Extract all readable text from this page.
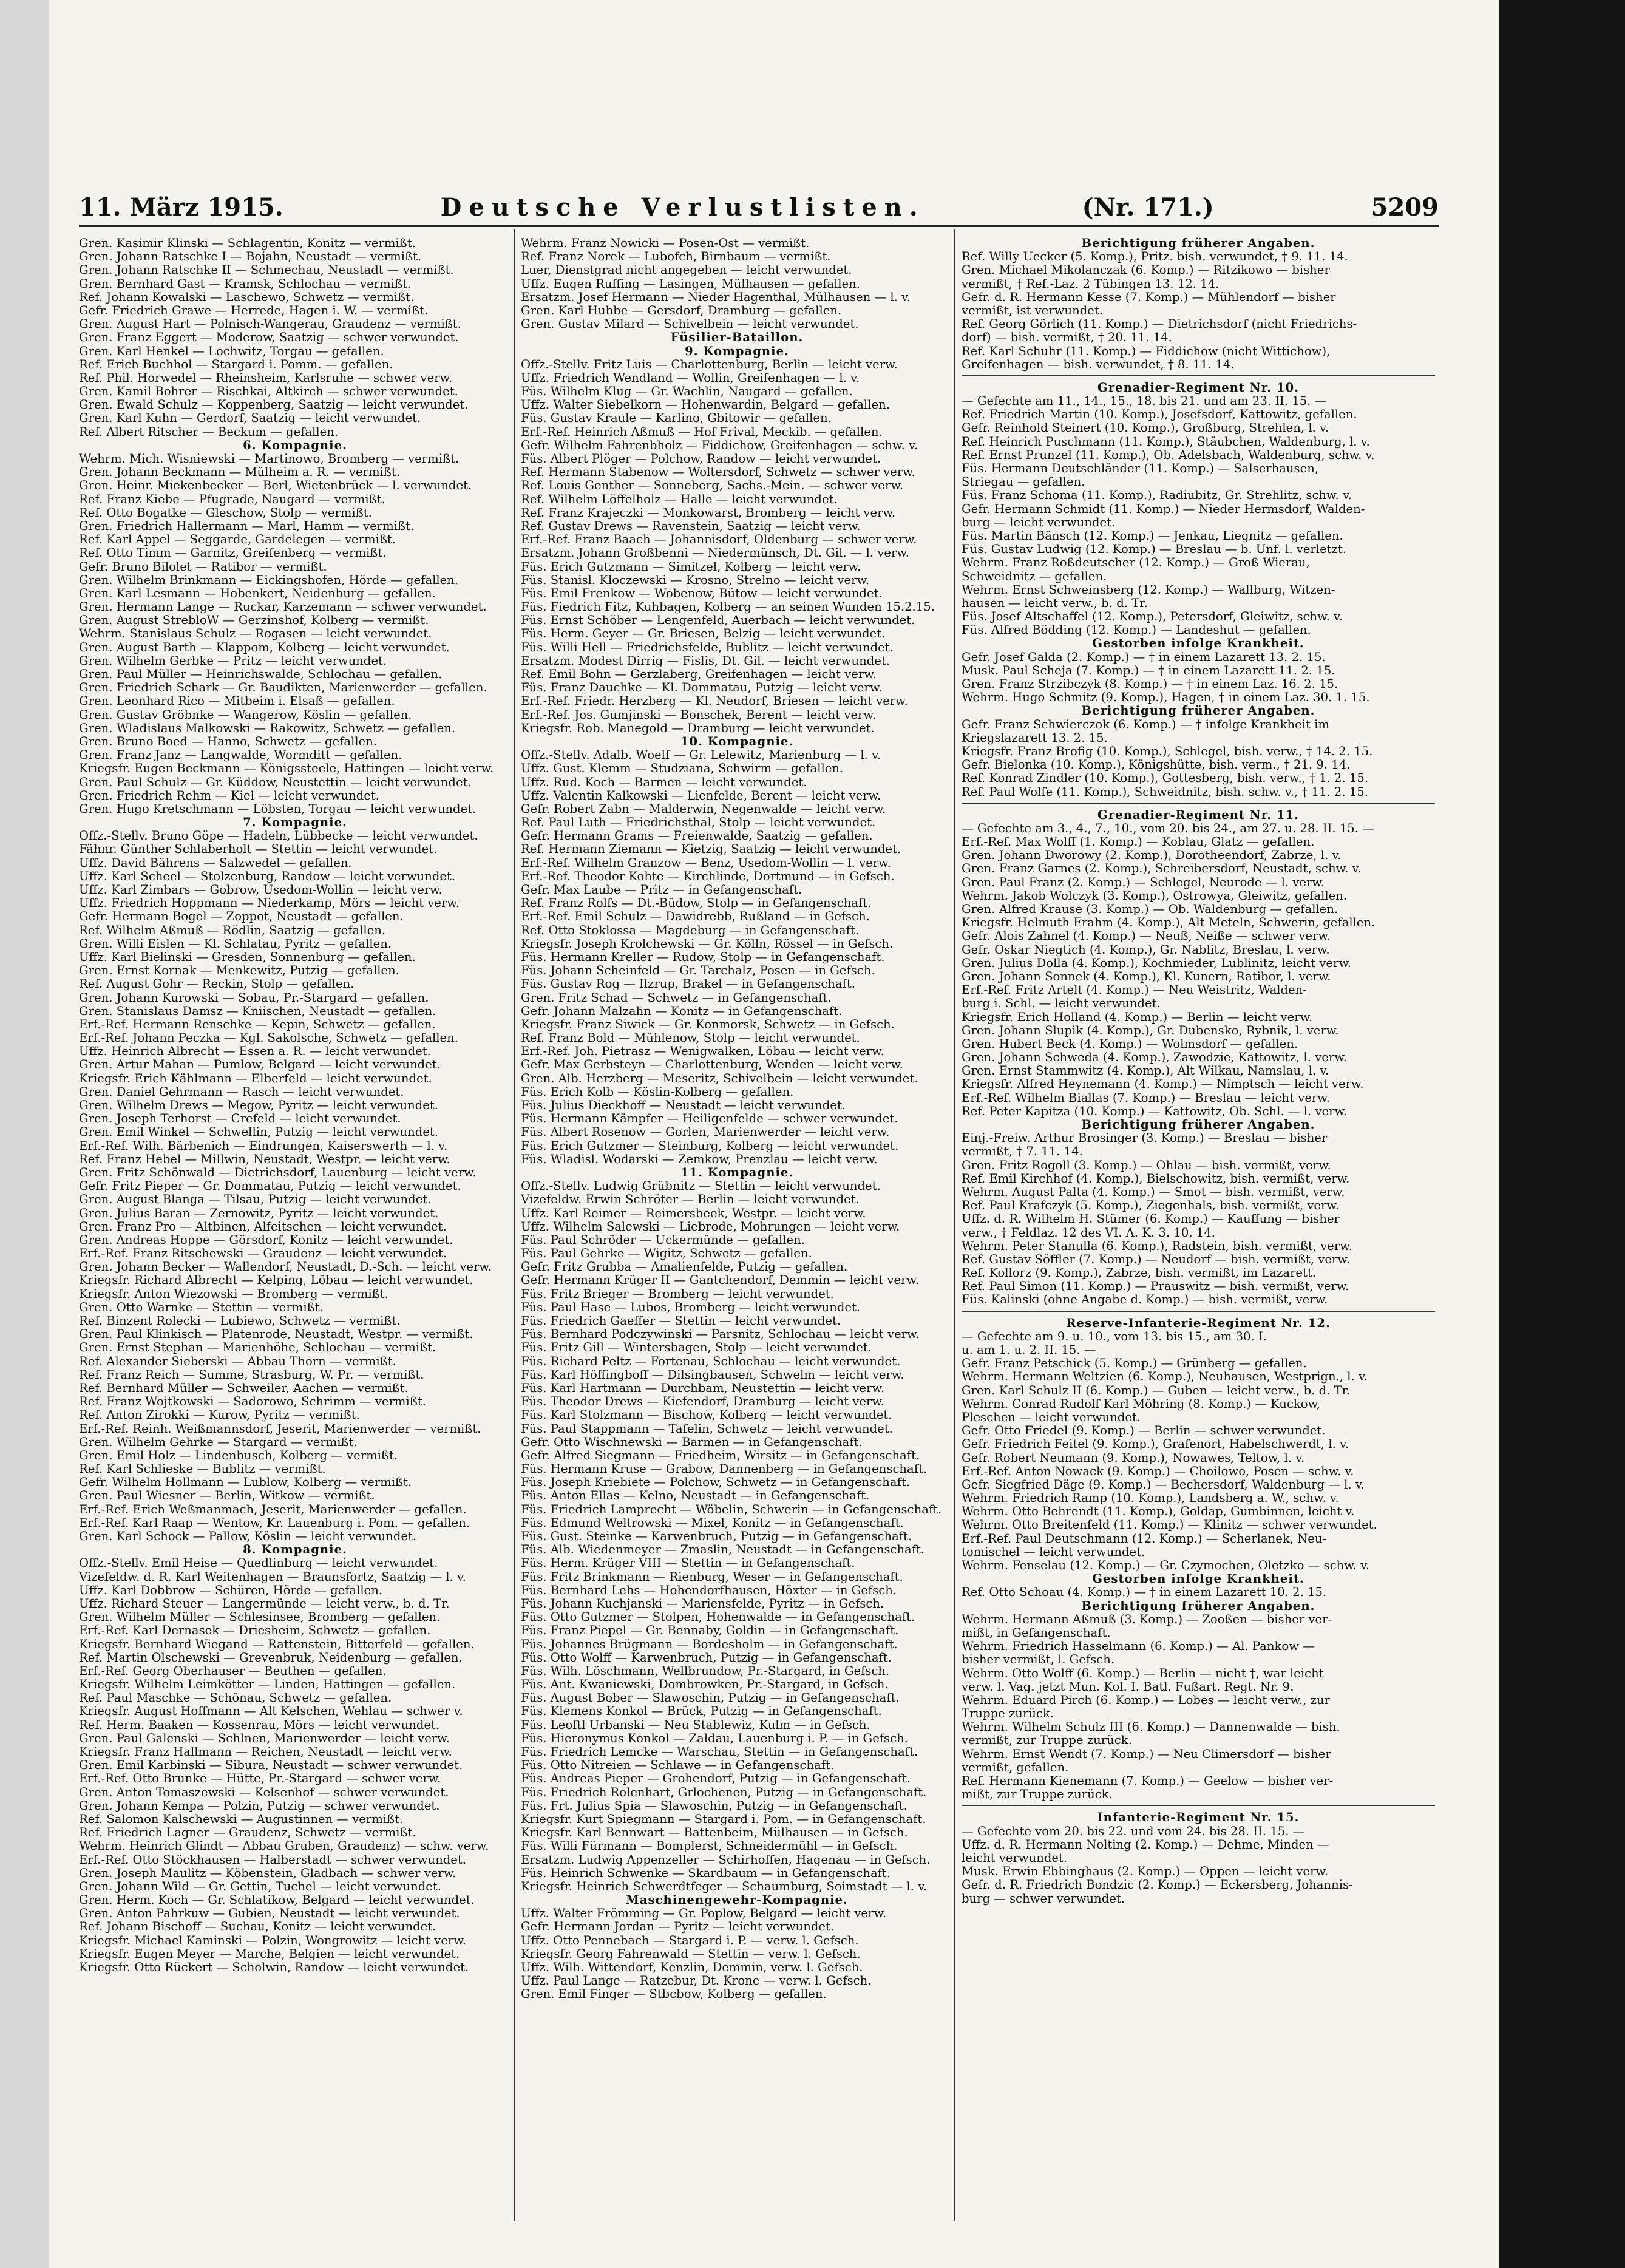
11. März 1915.	Deutsche Verlustlisten.	(Nr. 171.)	5209
Gren. Kasimir Klinski — Schlagentin, Konitz — vermißt.
Gren. Johann Ratschke I — Bojahn, Neustadt — vermißt.
Gren. Johann Ratschke II — Schmechau, Neustadt — vermißt.
Gren. Bernhard Gast — Kramsk, Schlochau — vermißt.
Ref. Johann Kowalski — Laschewo, Schwetz — vermißt.
Gefr. Friedrich Grawe — Herrede, Hagen i. W. — vermißt.
Gren. August Hart — Polnisch-Wangerau, Graudenz — vermißt.
Gren. Franz Eggert — Moderow, Saatzig — schwer verwundet.
Gren. Karl Henkel — Lochwitz, Torgau — gefallen.
Ref. Erich Buchhol — Stargard i. Pomm. — gefallen.
Ref. Phil. Horwedel — Rheinsheim, Karlsruhe — schwer verw.
Gren. Kamil Bohrer — Rischkai, Altkirch — schwer verwundet.
Gren. Ewald Schulz — Koppenberg, Saatzig — leicht verwundet.
Gren. Karl Kuhn — Gerdorf, Saatzig — leicht verwundet.
Ref. Albert Ritscher — Beckum — gefallen.
6. Kompagnie.
Wehrm. Mich. Wisniewski — Martinowo, Bromberg — vermißt.
Gren. Johann Beckmann — Mülheim a. R. — vermißt.
Gren. Heinr. Miekenbecker — Berl, Wietenbrück — l. verwundet.
Ref. Franz Kiebe — Pfugrade, Naugard — vermißt.
Ref. Otto Bogatke — Gleschow, Stolp — vermißt.
Gren. Friedrich Hallermann — Marl, Hamm — vermißt.
Ref. Karl Appel — Seggarde, Gardelegen — vermißt.
Ref. Otto Timm — Garnitz, Greifenberg — vermißt.
Gefr. Bruno Bilolet — Ratibor — vermißt.
Gren. Wilhelm Brinkmann — Eickingshofen, Hörde — gefallen.
Gren. Karl Lesmann — Hobenkert, Neidenburg — gefallen.
Gren. Hermann Lange — Ruckar, Karzemann — schwer verwundet.
Gren. August StrebloW — Gerzinshof, Kolberg — vermißt.
Wehrm. Stanislaus Schulz — Rogasen — leicht verwundet.
Gren. August Barth — Klappom, Kolberg — leicht verwundet.
Gren. Wilhelm Gerbke — Pritz — leicht verwundet.
Gren. Paul Müller — Heinrichswalde, Schlochau — gefallen.
Gren. Friedrich Schark — Gr. Baudikten, Marienwerder — gefallen.
Gren. Leonhard Rico — Mitbeim i. Elsaß — gefallen.
Gren. Gustav Gröbnke — Wangerow, Köslin — gefallen.
Gren. Wladislaus Malkowski — Rakowitz, Schwetz — gefallen.
Gren. Bruno Boed — Hanno, Schwetz — gefallen.
Gren. Franz Janz — Langwalde, Wormditt — gefallen.
Kriegsfr. Eugen Beckmann — Königssteele, Hattingen — leicht verw.
Gren. Paul Schulz — Gr. Küddow, Neustettin — leicht verwundet.
Gren. Friedrich Rehm — Kiel — leicht verwundet.
Gren. Hugo Kretschmann — Löbsten, Torgau — leicht verwundet.
7. Kompagnie.
Offz.-Stellv. Bruno Göpe — Hadeln, Lübbecke — leicht verwundet.
Fähnr. Günther Schlaberholt — Stettin — leicht verwundet.
Uffz. David Bährens — Salzwedel — gefallen.
Uffz. Karl Scheel — Stolzenburg, Randow — leicht verwundet.
Uffz. Karl Zimbars — Gobrow, Usedom-Wollin — leicht verw.
Uffz. Friedrich Hoppmann — Niederkamp, Mörs — leicht verw.
Gefr. Hermann Bogel — Zoppot, Neustadt — gefallen.
Ref. Wilhelm Aßmuß — Rödlin, Saatzig — gefallen.
Gren. Willi Eislen — Kl. Schlatau, Pyritz — gefallen.
Uffz. Karl Bielinski — Gresden, Sonnenburg — gefallen.
Gren. Ernst Kornak — Menkewitz, Putzig — gefallen.
Ref. August Gohr — Reckin, Stolp — gefallen.
Gren. Johann Kurowski — Sobau, Pr.-Stargard — gefallen.
Gren. Stanislaus Damsz — Kniischen, Neustadt — gefallen.
Erf.-Ref. Hermann Renschke — Kepin, Schwetz — gefallen.
Erf.-Ref. Johann Peczka — Kgl. Sakolsche, Schwetz — gefallen.
Uffz. Heinrich Albrecht — Essen a. R. — leicht verwundet.
Gren. Artur Mahan — Pumlow, Belgard — leicht verwundet.
Kriegsfr. Erich Kählmann — Elberfeld — leicht verwundet.
Gren. Daniel Gehrmann — Rasch — leicht verwundet.
Gren. Wilhelm Drews — Megow, Pyritz — leicht verwundet.
Gren. Joseph Terhorst — Crefeld — leicht verwundet.
Gren. Emil Winkel — Schwellin, Putzig — leicht verwundet.
Erf.-Ref. Wilh. Bärbenich — Eindrungen, Kaiserswerth — l. v.
Ref. Franz Hebel — Millwin, Neustadt, Westpr. — leicht verw.
Gren. Fritz Schönwald — Dietrichsdorf, Lauenburg — leicht verw.
Gefr. Fritz Pieper — Gr. Dommatau, Putzig — leicht verwundet.
Gren. August Blanga — Tilsau, Putzig — leicht verwundet.
Gren. Julius Baran — Zernowitz, Pyritz — leicht verwundet.
Gren. Franz Pro — Altbinen, Alfeitschen — leicht verwundet.
Gren. Andreas Hoppe — Görsdorf, Konitz — leicht verwundet.
Erf.-Ref. Franz Ritschewski — Graudenz — leicht verwundet.
Gren. Johann Becker — Wallendorf, Neustadt, D.-Sch. — leicht verw.
Kriegsfr. Richard Albrecht — Kelping, Löbau — leicht verwundet.
Kriegsfr. Anton Wiezowski — Bromberg — vermißt.
Gren. Otto Warnke — Stettin — vermißt.
Ref. Binzent Rolecki — Lubiewo, Schwetz — vermißt.
Gren. Paul Klinkisch — Platenrode, Neustadt, Westpr. — vermißt.
Gren. Ernst Stephan — Marienhöhe, Schlochau — vermißt.
Ref. Alexander Sieberski — Abbau Thorn — vermißt.
Ref. Franz Reich — Summe, Strasburg, W. Pr. — vermißt.
Ref. Bernhard Müller — Schweiler, Aachen — vermißt.
Ref. Franz Wojtkowski — Sadorowo, Schrimm — vermißt.
Ref. Anton Zirokki — Kurow, Pyritz — vermißt.
Erf.-Ref. Reinh. Weißmannsdorf, Jeserit, Marienwerder — vermißt.
Gren. Wilhelm Gehrke — Stargard — vermißt.
Gren. Emil Holz — Lindenbusch, Kolberg — vermißt.
Ref. Karl Schlieske — Bublitz — vermißt.
Gefr. Wilhelm Hollmann — Lublow, Kolberg — vermißt.
Gren. Paul Wiesner — Berlin, Witkow — vermißt.
Erf.-Ref. Erich Weßmanmach, Jeserit, Marienwerder — gefallen.
Erf.-Ref. Karl Raap — Wentow, Kr. Lauenburg i. Pom. — gefallen.
Gren. Karl Schock — Pallow, Köslin — leicht verwundet.
8. Kompagnie.
Offz.-Stellv. Emil Heise — Quedlinburg — leicht verwundet.
Vizefeldw. d. R. Karl Weitenhagen — Braunsfortz, Saatzig — l. v.
Uffz. Karl Dobbrow — Schüren, Hörde — gefallen.
Uffz. Richard Steuer — Langermünde — leicht verw., b. d. Tr.
Gren. Wilhelm Müller — Schlesinsee, Bromberg — gefallen.
Erf.-Ref. Karl Dernasek — Driesheim, Schwetz — gefallen.
Kriegsfr. Bernhard Wiegand — Rattenstein, Bitterfeld — gefallen.
Ref. Martin Olschewski — Grevenbruk, Neidenburg — gefallen.
Erf.-Ref. Georg Oberhauser — Beuthen — gefallen.
Kriegsfr. Wilhelm Leimkötter — Linden, Hattingen — gefallen.
Ref. Paul Maschke — Schönau, Schwetz — gefallen.
Kriegsfr. August Hoffmann — Alt Kelschen, Wehlau — schwer v.
Ref. Herm. Baaken — Kossenrau, Mörs — leicht verwundet.
Gren. Paul Galenski — Schlnen, Marienwerder — leicht verw.
Kriegsfr. Franz Hallmann — Reichen, Neustadt — leicht verw.
Gren. Emil Karbinski — Sibura, Neustadt — schwer verwundet.
Erf.-Ref. Otto Brunke — Hütte, Pr.-Stargard — schwer verw.
Gren. Anton Tomaszewski — Kelsenhof — schwer verwundet.
Gren. Johann Kempa — Polzin, Putzig — schwer verwundet.
Ref. Salomon Kalschewski — Augustinnen — vermißt.
Ref. Friedrich Lagner — Graudenz, Schwetz — vermißt.
Wehrm. Heinrich Glindt — Abbau Gruben, Graudenz) — schw. verw.
Erf.-Ref. Otto Stöckhausen — Halberstadt — schwer verwundet.
Gren. Joseph Maulitz — Köbenstein, Gladbach — schwer verw.
Gren. Johann Wild — Gr. Gettin, Tuchel — leicht verwundet.
Gren. Herm. Koch — Gr. Schlatikow, Belgard — leicht verwundet.
Gren. Anton Pahrkuw — Gubien, Neustadt — leicht verwundet.
Ref. Johann Bischoff — Suchau, Konitz — leicht verwundet.
Kriegsfr. Michael Kaminski — Polzin, Wongrowitz — leicht verw.
Kriegsfr. Eugen Meyer — Marche, Belgien — leicht verwundet.
Kriegsfr. Otto Rückert — Scholwin, Randow — leicht verwundet.
Wehrm. Franz Nowicki — Posen-Ost — vermißt.
Ref. Franz Norek — Lubofch, Birnbaum — vermißt.
Luer, Dienstgrad nicht angegeben — leicht verwundet.
Uffz. Eugen Ruffing — Lasingen, Mülhausen — gefallen.
Ersatzm. Josef Hermann — Nieder Hagenthal, Mülhausen — l. v.
Gren. Karl Hubbe — Gersdorf, Dramburg — gefallen.
Gren. Gustav Milard — Schivelbein — leicht verwundet.
Füsilier-Bataillon.
9. Kompagnie.
Offz.-Stellv. Fritz Luis — Charlottenburg, Berlin — leicht verw.
Uffz. Friedrich Wendland — Wollin, Greifenhagen — l. v.
Füs. Wilhelm Klug — Gr. Wachlin, Naugard — gefallen.
Uffz. Walter Siebelkorn — Hohenwardin, Belgard — gefallen.
Füs. Gustav Kraule — Karlino, Gbitowir — gefallen.
Erf.-Ref. Heinrich Aßmuß — Hof Frival, Meckib. — gefallen.
Gefr. Wilhelm Fahrenbholz — Fiddichow, Greifenhagen — schw. v.
Füs. Albert Plöger — Polchow, Randow — leicht verwundet.
Ref. Hermann Stabenow — Woltersdorf, Schwetz — schwer verw.
Ref. Louis Genther — Sonneberg, Sachs.-Mein. — schwer verw.
Ref. Wilhelm Löffelholz — Halle — leicht verwundet.
Ref. Franz Krajeczki — Monkowarst, Bromberg — leicht verw.
Ref. Gustav Drews — Ravenstein, Saatzig — leicht verw.
Erf.-Ref. Franz Baach — Johannisdorf, Oldenburg — schwer verw.
Ersatzm. Johann Großbenni — Niedermünsch, Dt. Gil. — l. verw.
Füs. Erich Gutzmann — Simitzel, Kolberg — leicht verw.
Füs. Stanisl. Kloczewski — Krosno, Strelno — leicht verw.
Füs. Emil Frenkow — Wobenow, Bütow — leicht verwundet.
Füs. Fiedrich Fitz, Kuhbagen, Kolberg — an seinen Wunden 15.2.15.
Füs. Ernst Schöber — Lengenfeld, Auerbach — leicht verwundet.
Füs. Herm. Geyer — Gr. Briesen, Belzig — leicht verwundet.
Füs. Willi Hell — Friedrichsfelde, Bublitz — leicht verwundet.
Ersatzm. Modest Dirrig — Fislis, Dt. Gil. — leicht verwundet.
Ref. Emil Bohn — Gerzlaberg, Greifenhagen — leicht verw.
Füs. Franz Dauchke — Kl. Dommatau, Putzig — leicht verw.
Erf.-Ref. Friedr. Herzberg — Kl. Neudorf, Briesen — leicht verw.
Erf.-Ref. Jos. Gumjinski — Bonschek, Berent — leicht verw.
Kriegsfr. Rob. Manegold — Dramburg — leicht verwundet.
10. Kompagnie.
Offz.-Stellv. Adalb. Woelf — Gr. Lelewitz, Marienburg — l. v.
Uffz. Gust. Klemm — Studziana, Schwirm — gefallen.
Uffz. Rud. Koch — Barmen — leicht verwundet.
Uffz. Valentin Kalkowski — Lienfelde, Berent — leicht verw.
Gefr. Robert Zabn — Malderwin, Negenwalde — leicht verw.
Ref. Paul Luth — Friedrichsthal, Stolp — leicht verwundet.
Gefr. Hermann Grams — Freienwalde, Saatzig — gefallen.
Ref. Hermann Ziemann — Kietzig, Saatzig — leicht verwundet.
Erf.-Ref. Wilhelm Granzow — Benz, Usedom-Wollin — l. verw.
Erf.-Ref. Theodor Kohte — Kirchlinde, Dortmund — in Gefsch.
Gefr. Max Laube — Pritz — in Gefangenschaft.
Ref. Franz Rolfs — Dt.-Büdow, Stolp — in Gefangenschaft.
Erf.-Ref. Emil Schulz — Dawidrebb, Rußland — in Gefsch.
Ref. Otto Stoklossa — Magdeburg — in Gefangenschaft.
Kriegsfr. Joseph Krolchewski — Gr. Kölln, Rössel — in Gefsch.
Füs. Hermann Kreller — Rudow, Stolp — in Gefangenschaft.
Füs. Johann Scheinfeld — Gr. Tarchalz, Posen — in Gefsch.
Füs. Gustav Rog — Ilzrup, Brakel — in Gefangenschaft.
Gren. Fritz Schad — Schwetz — in Gefangenschaft.
Gefr. Johann Malzahn — Konitz — in Gefangenschaft.
Kriegsfr. Franz Siwick — Gr. Konmorsk, Schwetz — in Gefsch.
Ref. Franz Bold — Mühlenow, Stolp — leicht verwundet.
Erf.-Ref. Joh. Pietrasz — Wenigwalken, Löbau — leicht verw.
Gefr. Max Gerbsteyn — Charlottenburg, Wenden — leicht verw.
Gren. Alb. Herzberg — Meseritz, Schivelbein — leicht verwundet.
Füs. Erich Kolb — Köslin-Kolberg — gefallen.
Füs. Julius Dieckhoff — Neustadt — leicht verwundet.
Füs. Hermann Kämpfer — Heiligenfelde — schwer verwundet.
Füs. Albert Rosenow — Gorlen, Marienwerder — leicht verw.
Füs. Erich Gutzmer — Steinburg, Kolberg — leicht verwundet.
Füs. Wladisl. Wodarski — Zemkow, Prenzlau — leicht verw.
11. Kompagnie.
Offz.-Stellv. Ludwig Grübnitz — Stettin — leicht verwundet.
Vizefeldw. Erwin Schröter — Berlin — leicht verwundet.
Uffz. Karl Reimer — Reimersbeek, Westpr. — leicht verw.
Uffz. Wilhelm Salewski — Liebrode, Mohrungen — leicht verw.
Füs. Paul Schröder — Uckermünde — gefallen.
Füs. Paul Gehrke — Wigitz, Schwetz — gefallen.
Gefr. Fritz Grubba — Amalienfelde, Putzig — gefallen.
Gefr. Hermann Krüger II — Gantchendorf, Demmin — leicht verw.
Füs. Fritz Brieger — Bromberg — leicht verwundet.
Füs. Paul Hase — Lubos, Bromberg — leicht verwundet.
Füs. Friedrich Gaeffer — Stettin — leicht verwundet.
Füs. Bernhard Podczywinski — Parsnitz, Schlochau — leicht verw.
Füs. Fritz Gill — Wintersbagen, Stolp — leicht verwundet.
Füs. Richard Peltz — Fortenau, Schlochau — leicht verwundet.
Füs. Karl Höffingboff — Dilsingbausen, Schwelm — leicht verw.
Füs. Karl Hartmann — Durchbam, Neustettin — leicht verw.
Füs. Theodor Drews — Kiefendorf, Dramburg — leicht verw.
Füs. Karl Stolzmann — Bischow, Kolberg — leicht verwundet.
Füs. Paul Stappmann — Tafelin, Schwetz — leicht verwundet.
Gefr. Otto Wischnewski — Barmen — in Gefangenschaft.
Gefr. Alfred Siegmann — Friedheim, Wirsitz — in Gefangenschaft.
Füs. Hermann Kruse — Grabow, Dannenberg — in Gefangenschaft.
Füs. Joseph Kriebiete — Polchow, Schwetz — in Gefangenschaft.
Füs. Anton Ellas — Kelno, Neustadt — in Gefangenschaft.
Füs. Friedrich Lamprecht — Wöbelin, Schwerin — in Gefangenschaft.
Füs. Edmund Weltrowski — Mixel, Konitz — in Gefangenschaft.
Füs. Gust. Steinke — Karwenbruch, Putzig — in Gefangenschaft.
Füs. Alb. Wiedenmeyer — Zmaslin, Neustadt — in Gefangenschaft.
Füs. Herm. Krüger VIII — Stettin — in Gefangenschaft.
Füs. Fritz Brinkmann — Rienburg, Weser — in Gefangenschaft.
Füs. Bernhard Lehs — Hohendorfhausen, Höxter — in Gefsch.
Füs. Johann Kuchjanski — Mariensfelde, Pyritz — in Gefsch.
Füs. Otto Gutzmer — Stolpen, Hohenwalde — in Gefangenschaft.
Füs. Franz Piepel — Gr. Bennaby, Goldin — in Gefangenschaft.
Füs. Johannes Brügmann — Bordesholm — in Gefangenschaft.
Füs. Otto Wolff — Karwenbruch, Putzig — in Gefangenschaft.
Füs. Wilh. Löschmann, Wellbrundow, Pr.-Stargard, in Gefsch.
Füs. Ant. Kwaniewski, Dombrowken, Pr.-Stargard, in Gefsch.
Füs. August Bober — Slawoschin, Putzig — in Gefangenschaft.
Füs. Klemens Konkol — Brück, Putzig — in Gefangenschaft.
Füs. Leoftl Urbanski — Neu Stablewiz, Kulm — in Gefsch.
Füs. Hieronymus Konkol — Zaldau, Lauenburg i. P. — in Gefsch.
Füs. Friedrich Lemcke — Warschau, Stettin — in Gefangenschaft.
Füs. Otto Nitreien — Schlawe — in Gefangenschaft.
Füs. Andreas Pieper — Grohendorf, Putzig — in Gefangenschaft.
Füs. Friedrich Rolenhart, Grlochenen, Putzig — in Gefangenschaft.
Füs. Frt. Julius Spia — Slawoschin, Putzig — in Gefangenschaft.
Kriegsfr. Kurt Spiegmann — Stargard i. Pom. — in Gefangenschaft.
Kriegsfr. Karl Bennwart — Battenbeim, Mülhausen — in Gefsch.
Füs. Willi Fürmann — Bomplerst, Schneidermühl — in Gefsch.
Ersatzm. Ludwig Appenzeller — Schirhoffen, Hagenau — in Gefsch.
Füs. Heinrich Schwenke — Skardbaum — in Gefangenschaft.
Kriegsfr. Heinrich Schwerdtfeger — Schaumburg, Soimstadt — l. v.
Maschinengewehr-Kompagnie.
Uffz. Walter Frömming — Gr. Poplow, Belgard — leicht verw.
Gefr. Hermann Jordan — Pyritz — leicht verwundet.
Uffz. Otto Pennebach — Stargard i. P. — verw. l. Gefsch.
Kriegsfr. Georg Fahrenwald — Stettin — verw. l. Gefsch.
Uffz. Wilh. Wittendorf, Kenzlin, Demmin, verw. l. Gefsch.
Uffz. Paul Lange — Ratzebur, Dt. Krone — verw. l. Gefsch.
Gren. Emil Finger — Stbcbow, Kolberg — gefallen.
Berichtigung früherer Angaben.
Ref. Willy Uecker (5. Komp.), Pritz. bish. verwundet, † 9. 11. 14.
Gren. Michael Mikolanczak (6. Komp.) — Ritzikowo — bisher
vermißt, † Ref.-Laz. 2 Tübingen 13. 12. 14.
Gefr. d. R. Hermann Kesse (7. Komp.) — Mühlendorf — bisher
vermißt, ist verwundet.
Ref. Georg Görlich (11. Komp.) — Dietrichsdorf (nicht Friedrichs-
dorf) — bish. vermißt, † 20. 11. 14.
Ref. Karl Schuhr (11. Komp.) — Fiddichow (nicht Wittichow),
Greifenhagen — bish. verwundet, † 8. 11. 14.
Grenadier-Regiment Nr. 10.
— Gefechte am 11., 14., 15., 18. bis 21. und am 23. II. 15. —
Ref. Friedrich Martin (10. Komp.), Josefsdorf, Kattowitz, gefallen.
Gefr. Reinhold Steinert (10. Komp.), Großburg, Strehlen, l. v.
Ref. Heinrich Puschmann (11. Komp.), Stäubchen, Waldenburg, l. v.
Ref. Ernst Prunzel (11. Komp.), Ob. Adelsbach, Waldenburg, schw. v.
Füs. Hermann Deutschländer (11. Komp.) — Salserhausen,
Striegau — gefallen.
Füs. Franz Schoma (11. Komp.), Radiubitz, Gr. Strehlitz, schw. v.
Gefr. Hermann Schmidt (11. Komp.) — Nieder Hermsdorf, Walden-
burg — leicht verwundet.
Füs. Martin Bänsch (12. Komp.) — Jenkau, Liegnitz — gefallen.
Füs. Gustav Ludwig (12. Komp.) — Breslau — b. Unf. l. verletzt.
Wehrm. Franz Roßdeutscher (12. Komp.) — Groß Wierau,
Schweidnitz — gefallen.
Wehrm. Ernst Schweinsberg (12. Komp.) — Wallburg, Witzen-
hausen — leicht verw., b. d. Tr.
Füs. Josef Altschaffel (12. Komp.), Petersdorf, Gleiwitz, schw. v.
Füs. Alfred Bödding (12. Komp.) — Landeshut — gefallen.
Gestorben infolge Krankheit.
Gefr. Josef Galda (2. Komp.) — † in einem Lazarett 13. 2. 15.
Musk. Paul Scheja (7. Komp.) — † in einem Lazarett 11. 2. 15.
Gren. Franz Strzibczyk (8. Komp.) — † in einem Laz. 16. 2. 15.
Wehrm. Hugo Schmitz (9. Komp.), Hagen, † in einem Laz. 30. 1. 15.
Berichtigung früherer Angaben.
Gefr. Franz Schwierczok (6. Komp.) — † infolge Krankheit im
Kriegslazarett 13. 2. 15.
Kriegsfr. Franz Brofig (10. Komp.), Schlegel, bish. verw., † 14. 2. 15.
Gefr. Bielonka (10. Komp.), Königshütte, bish. verm., † 21. 9. 14.
Ref. Konrad Zindler (10. Komp.), Gottesberg, bish. verw., † 1. 2. 15.
Ref. Paul Wolfe (11. Komp.), Schweidnitz, bish. schw. v., † 11. 2. 15.
Grenadier-Regiment Nr. 11.
— Gefechte am 3., 4., 7., 10., vom 20. bis 24., am 27. u. 28. II. 15. —
Erf.-Ref. Max Wolff (1. Komp.) — Koblau, Glatz — gefallen.
Gren. Johann Dworowy (2. Komp.), Dorotheendorf, Zabrze, l. v.
Gren. Franz Garnes (2. Komp.), Schreibersdorf, Neustadt, schw. v.
Gren. Paul Franz (2. Komp.) — Schlegel, Neurode — l. verw.
Wehrm. Jakob Wolczyk (3. Komp.), Ostrowya, Gleiwitz, gefallen.
Gren. Alfred Krause (3. Komp.) — Ob. Waldenburg — gefallen.
Kriegsfr. Helmuth Frahm (4. Komp.), Alt Meteln, Schwerin, gefallen.
Gefr. Alois Zahnel (4. Komp.) — Neuß, Neiße — schwer verw.
Gefr. Oskar Niegtich (4. Komp.), Gr. Nablitz, Breslau, l. verw.
Gren. Julius Dolla (4. Komp.), Kochmieder, Lublinitz, leicht verw.
Gren. Johann Sonnek (4. Komp.), Kl. Kunern, Ratibor, l. verw.
Erf.-Ref. Fritz Artelt (4. Komp.) — Neu Weistritz, Walden-
burg i. Schl. — leicht verwundet.
Kriegsfr. Erich Holland (4. Komp.) — Berlin — leicht verw.
Gren. Johann Slupik (4. Komp.), Gr. Dubensko, Rybnik, l. verw.
Gren. Hubert Beck (4. Komp.) — Wolmsdorf — gefallen.
Gren. Johann Schweda (4. Komp.), Zawodzie, Kattowitz, l. verw.
Gren. Ernst Stammwitz (4. Komp.), Alt Wilkau, Namslau, l. v.
Kriegsfr. Alfred Heynemann (4. Komp.) — Nimptsch — leicht verw.
Erf.-Ref. Wilhelm Biallas (7. Komp.) — Breslau — leicht verw.
Ref. Peter Kapitza (10. Komp.) — Kattowitz, Ob. Schl. — l. verw.
Berichtigung früherer Angaben.
Einj.-Freiw. Arthur Brosinger (3. Komp.) — Breslau — bisher
vermißt, † 7. 11. 14.
Gren. Fritz Rogoll (3. Komp.) — Ohlau — bish. vermißt, verw.
Ref. Emil Kirchhof (4. Komp.), Bielschowitz, bish. vermißt, verw.
Wehrm. August Palta (4. Komp.) — Smot — bish. vermißt, verw.
Ref. Paul Krafczyk (5. Komp.), Ziegenhals, bish. vermißt, verw.
Uffz. d. R. Wilhelm H. Stümer (6. Komp.) — Kauffung — bisher
verw., † Feldlaz. 12 des VI. A. K. 3. 10. 14.
Wehrm. Peter Stanulla (6. Komp.), Radstein, bish. vermißt, verw.
Ref. Gustav Söffler (7. Komp.) — Neudorf — bish. vermißt, verw.
Ref. Kollorz (9. Komp.), Zabrze, bish. vermißt, im Lazarett.
Ref. Paul Simon (11. Komp.) — Prauswitz — bish. vermißt, verw.
Füs. Kalinski (ohne Angabe d. Komp.) — bish. vermißt, verw.
Reserve-Infanterie-Regiment Nr. 12.
— Gefechte am 9. u. 10., vom 13. bis 15., am 30. I.
u. am 1. u. 2. II. 15. —
Gefr. Franz Petschick (5. Komp.) — Grünberg — gefallen.
Wehrm. Hermann Weltzien (6. Komp.), Neuhausen, Westprign., l. v.
Gren. Karl Schulz II (6. Komp.) — Guben — leicht verw., b. d. Tr.
Wehrm. Conrad Rudolf Karl Möhring (8. Komp.) — Kuckow,
Pleschen — leicht verwundet.
Gefr. Otto Friedel (9. Komp.) — Berlin — schwer verwundet.
Gefr. Friedrich Feitel (9. Komp.), Grafenort, Habelschwerdt, l. v.
Gefr. Robert Neumann (9. Komp.), Nowawes, Teltow, l. v.
Erf.-Ref. Anton Nowack (9. Komp.) — Choilowo, Posen — schw. v.
Gefr. Siegfried Däge (9. Komp.) — Bechersdorf, Waldenburg — l. v.
Wehrm. Friedrich Ramp (10. Komp.), Landsberg a. W., schw. v.
Wehrm. Otto Behrendt (11. Komp.), Goldap, Gumbinnen, leicht v.
Wehrm. Otto Breitenfeld (11. Komp.) — Klinitz — schwer verwundet.
Erf.-Ref. Paul Deutschmann (12. Komp.) — Scherlanek, Neu-
tomischel — leicht verwundet.
Wehrm. Fenselau (12. Komp.) — Gr. Czymochen, Oletzko — schw. v.
Gestorben infolge Krankheit.
Ref. Otto Schoau (4. Komp.) — † in einem Lazarett 10. 2. 15.
Berichtigung früherer Angaben.
Wehrm. Hermann Aßmuß (3. Komp.) — Zooßen — bisher ver-
mißt, in Gefangenschaft.
Wehrm. Friedrich Hasselmann (6. Komp.) — Al. Pankow —
bisher vermißt, l. Gefsch.
Wehrm. Otto Wolff (6. Komp.) — Berlin — nicht †, war leicht
verw. l. Vag. jetzt Mun. Kol. I. Batl. Fußart. Regt. Nr. 9.
Wehrm. Eduard Pirch (6. Komp.) — Lobes — leicht verw., zur
Truppe zurück.
Wehrm. Wilhelm Schulz III (6. Komp.) — Dannenwalde — bish.
vermißt, zur Truppe zurück.
Wehrm. Ernst Wendt (7. Komp.) — Neu Climersdorf — bisher
vermißt, gefallen.
Ref. Hermann Kienemann (7. Komp.) — Geelow — bisher ver-
mißt, zur Truppe zurück.
Infanterie-Regiment Nr. 15.
— Gefechte vom 20. bis 22. und vom 24. bis 28. II. 15. —
Uffz. d. R. Hermann Nolting (2. Komp.) — Dehme, Minden —
leicht verwundet.
Musk. Erwin Ebbinghaus (2. Komp.) — Oppen — leicht verw.
Gefr. d. R. Friedrich Bondzic (2. Komp.) — Eckersberg, Johannis-
burg — schwer verwundet.
